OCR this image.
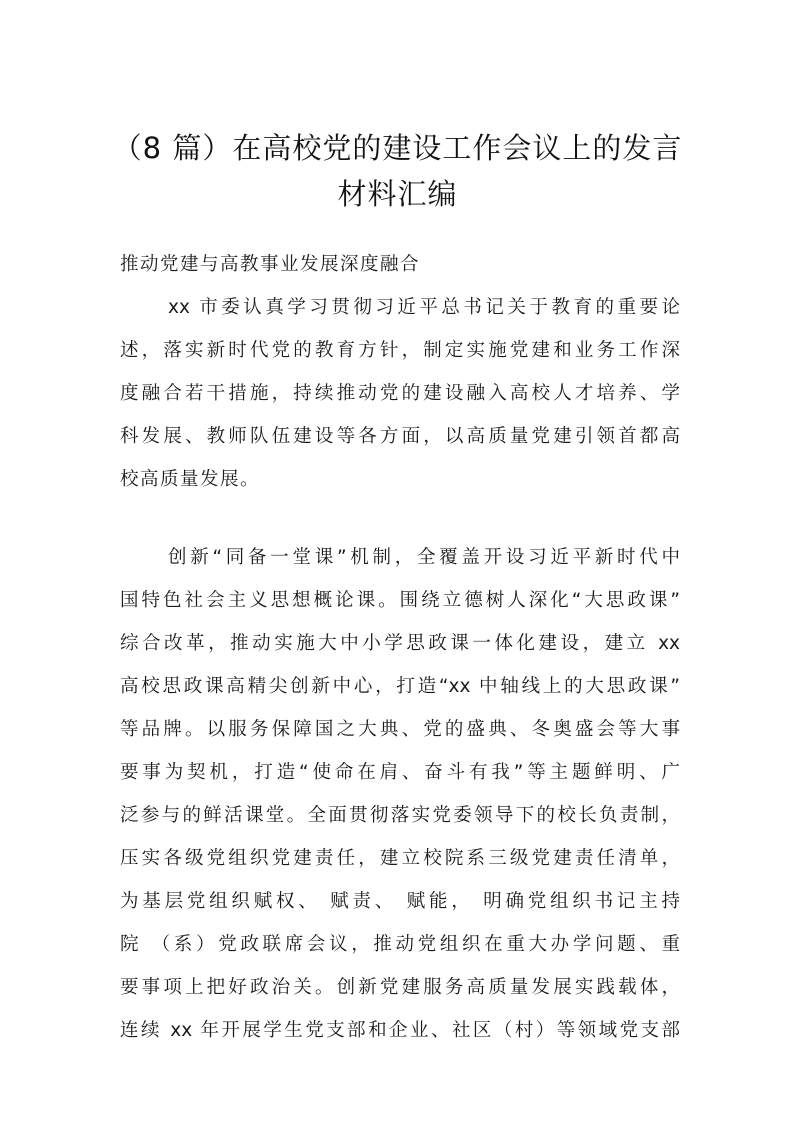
（8 篇）在高校党的建设工作会议上的发言
材料汇编
推动党建与高教事业发展深度融合
xx 市委认真学习贯彻习近平总书记关于教育的重要论
述，落实新时代党的教育方针，制定实施党建和业务工作深
度融合若干措施，持续推动党的建设融入高校人才培养、学
科发展、教师队伍建设等各方面，以高质量党建引领首都高
校高质量发展。
创新“同备一堂课”机制，全覆盖开设习近平新时代中
国特色社会主义思想概论课。围绕立德树人深化“大思政课”
综合改革，推动实施大中小学思政课一体化建设，建立 xx
高校思政课高精尖创新中心，打造“xx 中轴线上的大思政课”
等品牌。以服务保障国之大典、党的盛典、冬奥盛会等大事
要事为契机，打造“使命在肩、奋斗有我”等主题鲜明、广
泛参与的鲜活课堂。全面贯彻落实党委领导下的校长负责制，
压实各级党组织党建责任，建立校院系三级党建责任清单，
为基层党组织赋权、 赋责、 赋能， 明确党组织书记主持
院 （系）党政联席会议，推动党组织在重大办学问题、重
要事项上把好政治关。创新党建服务高质量发展实践载体，
连续 xx 年开展学生党支部和企业、社区（村）等领域党支部
